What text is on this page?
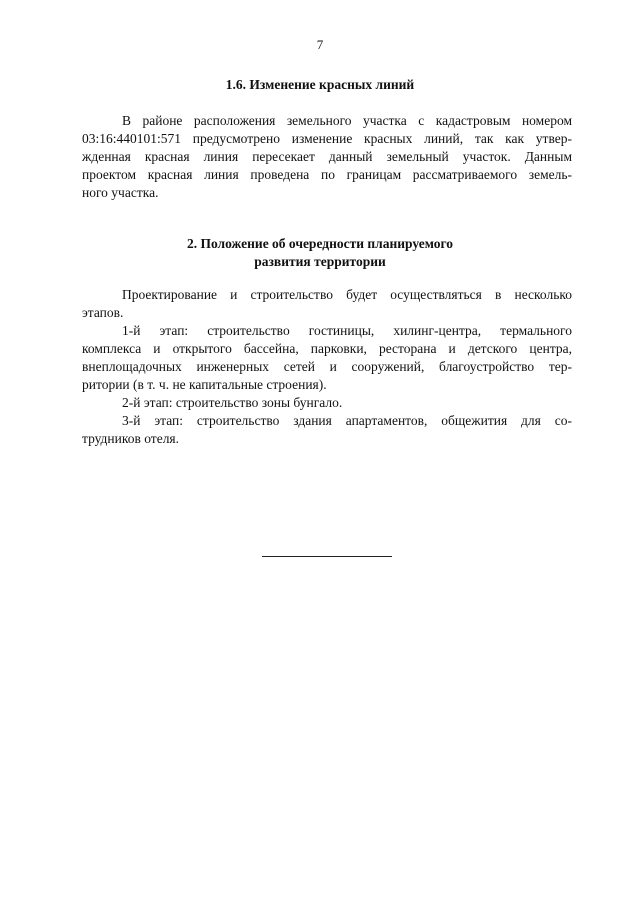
7
1.6. Изменение красных линий
В районе расположения земельного участка с кадастровым номером
03:16:440101:571 предусмотрено изменение красных линий, так как утвер-
жденная красная линия пересекает данный земельный участок. Данным
проектом красная линия проведена по границам рассматриваемого земель-
ного участка.
2. Положение об очередности планируемого
развития территории
Проектирование и строительство будет осуществляться в несколько
этапов.
1-й этап: строительство гостиницы, хилинг-центра, термального
комплекса и открытого бассейна, парковки, ресторана и детского центра,
внеплощадочных инженерных сетей и сооружений, благоустройство тер-
ритории (в т. ч. не капитальные строения).
2-й этап: строительство зоны бунгало.
3-й этап: строительство здания апартаментов, общежития для со-
трудников отеля.
